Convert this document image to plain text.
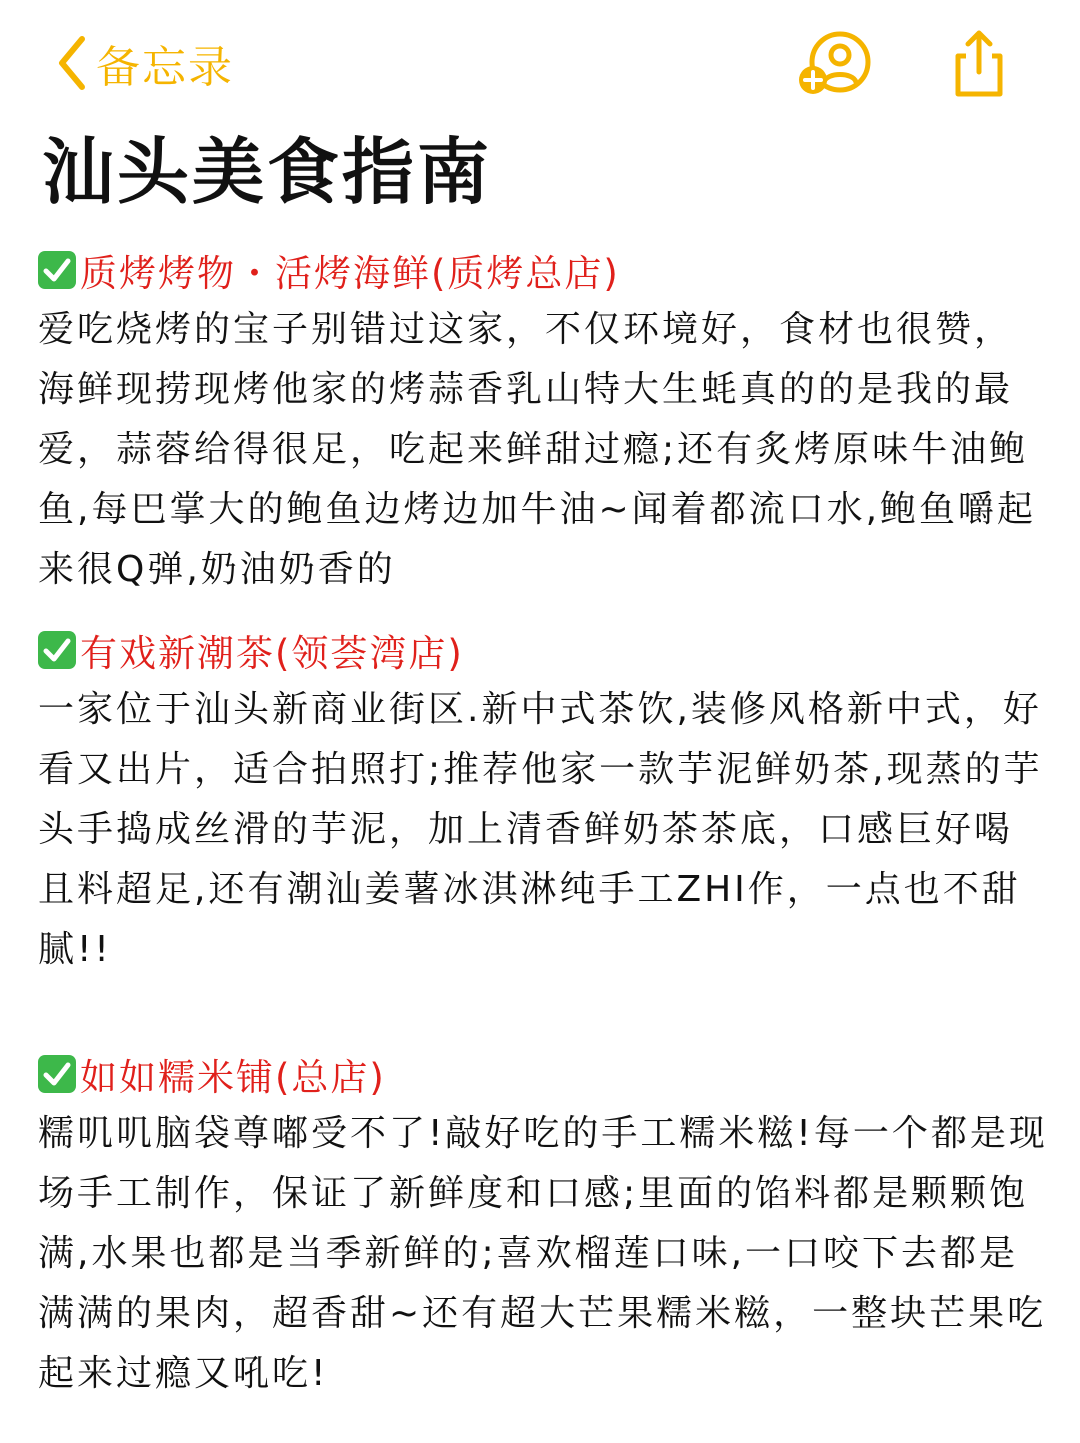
备忘录
汕头美食指南
质烤烤物・活烤海鲜(质烤总店)

爱吃烧烤的宝子别错过这家，不仅环境好，食材也很赞，海鲜现捞现烤他家的烤蒜香乳山特大生蚝真的的是我的最爱，蒜蓉给得很足，吃起来鲜甜过瘾;还有炙烤原味牛油鲍鱼,每巴掌大的鲍鱼边烤边加牛油~闻着都流口水,鲍鱼嚼起来很Q弹,奶油奶香的

有戏新潮茶(领荟湾店)

一家位于汕头新商业街区.新中式茶饮,装修风格新中式，好看又出片，适合拍照打;推荐他家一款芋泥鲜奶茶,现蒸的芋头手捣成丝滑的芋泥，加上清香鲜奶茶茶底，口感巨好喝且料超足,还有潮汕姜薯冰淇淋纯手工ZHI作，一点也不甜腻!!

如如糯米铺(总店)

糯叽叽脑袋尊嘟受不了!敲好吃的手工糯米糍!每一个都是现场手工制作，保证了新鲜度和口感;里面的馅料都是颗颗饱满,水果也都是当季新鲜的;喜欢榴莲口味,一口咬下去都是满满的果肉，超香甜~还有超大芒果糯米糍，一整块芒果吃起来过瘾又吼吃!
